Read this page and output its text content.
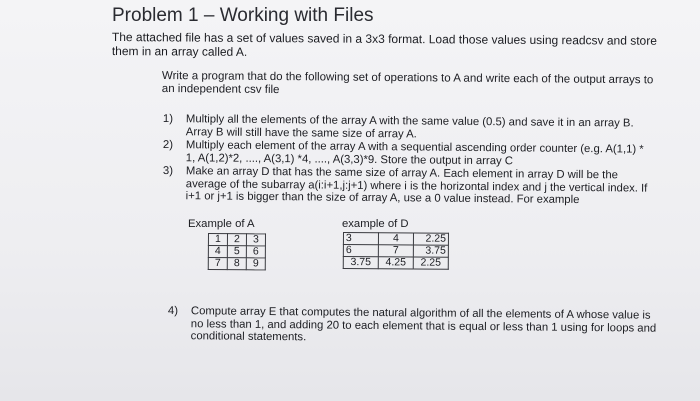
Problem 1 – Working with Files
The attached file has a set of values saved in a 3x3 format. Load those values using readcsv and store
them in an array called A.
Write a program that do the following set of operations to A and write each of the output arrays to
an independent csv file
1) Multiply all the elements of the array A with the same value (0.5) and save it in an array B.
Array B will still have the same size of array A.
2) Multiply each element of the array A with a sequential ascending order counter (e.g. A(1,1) *
1, A(1,2)*2, ...., A(3,1) *4, ...., A(3,3)*9. Store the output in array C
3) Make an array D that has the same size of array A. Each element in array D will be the
average of the subarray a(i:i+1,j:j+1) where i is the horizontal index and j the vertical index. If
i+1 or j+1 is bigger than the size of array A, use a 0 value instead. For example
Example of A	example of D
1	2	3
4	5	6
7	8	9
3	4	2.25
6	7	3.75
3.75	4.25	2.25
4) Compute array E that computes the natural algorithm of all the elements of A whose value is
no less than 1, and adding 20 to each element that is equal or less than 1 using for loops and
conditional statements.
